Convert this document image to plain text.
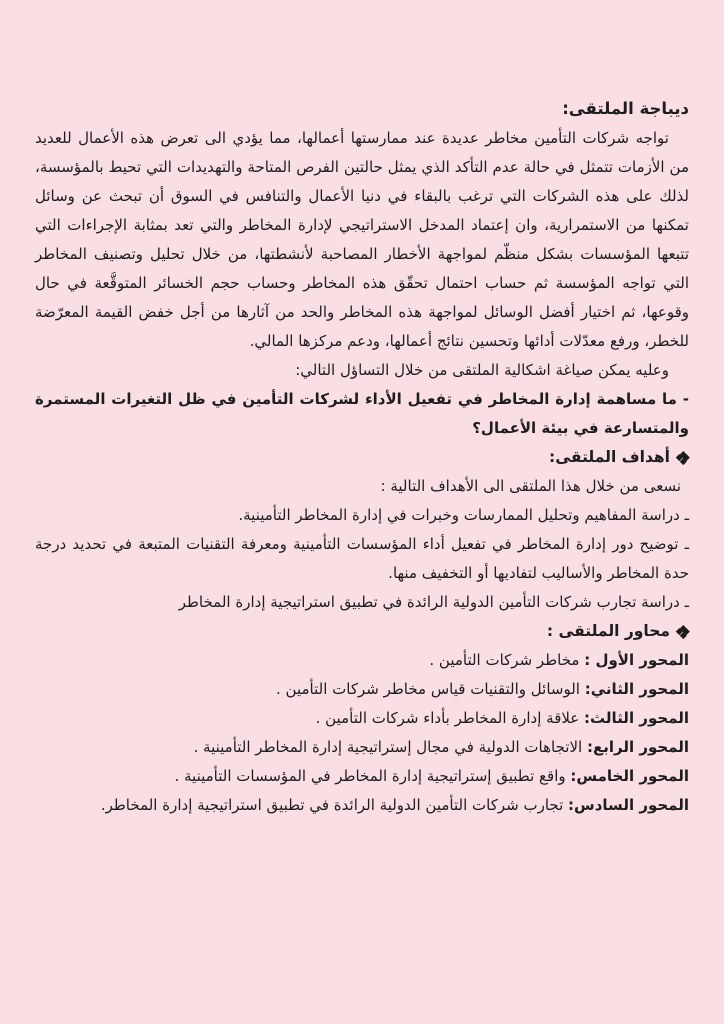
ديباجة الملتقى:

تواجه شركات التأمين مخاطر عديدة عند ممارستها أعمالها، مما يؤدي الى تعرض هذه الأعمال للعديد من الأزمات تتمثل في حالة عدم التأكد الذي يمثل حالتين الفرص المتاحة والتهديدات التي تحيط بالمؤسسة، لذلك على هذه الشركات التي ترغب بالبقاء في دنيا الأعمال والتنافس في السوق أن تبحث عن وسائل تمكنها من الاستمرارية، وان إعتماد المدخل الاستراتيجي لإدارة المخاطر والتي تعد بمثابة الإجراءات التي تتبعها المؤسسات بشكل منظّم لمواجهة الأخطار المصاحبة لأنشطتها، من خلال تحليل وتصنيف المخاطر التي تواجه المؤسسة ثم حساب احتمال تحقّق هذه المخاطر وحساب حجم الخسائر المتوقَّعة في حال وقوعها، ثم اختيار أفضل الوسائل لمواجهة هذه المخاطر والحد من آثارها من أجل خفض القيمة المعرّضة للخطر، ورفع معدّلات أدائها وتحسين نتائج أعمالها، ودعم مركزها المالي.

وعليه يمكن صياغة اشكالية الملتقى من خلال التساؤل التالي:

- ما مساهمة إدارة المخاطر في تفعيل الأداء لشركات التأمين في ظل التغيرات المستمرة والمتسارعة في بيئة الأعمال؟

أهداف الملتقى:

نسعى من خلال هذا الملتقى الى الأهداف التالية :

ـ دراسة المفاهيم وتحليل الممارسات وخبرات في إدارة المخاطر التأمينية.

ـ توضيح دور إدارة المخاطر في تفعيل أداء المؤسسات التأمينية ومعرفة التقنيات المتبعة في تحديد درجة حدة المخاطر والأساليب لتفاديها أو التخفيف منها.

ـ دراسة تجارب شركات التأمين الدولية الرائدة في تطبيق استراتيجية إدارة المخاطر

محاور الملتقى :

المحور الأول : مخاطر شركات التأمين .

المحور الثاني: الوسائل والتقنيات قياس مخاطر شركات التأمين .

المحور الثالث: علاقة إدارة المخاطر بأداء شركات التأمين .

المحور الرابع: الاتجاهات الدولية في مجال إستراتيجية إدارة المخاطر التأمينية .

المحور الخامس: واقع تطبيق إستراتيجية إدارة المخاطر في المؤسسات التأمينية .

المحور السادس: تجارب شركات التأمين الدولية الرائدة في تطبيق استراتيجية إدارة المخاطر.
